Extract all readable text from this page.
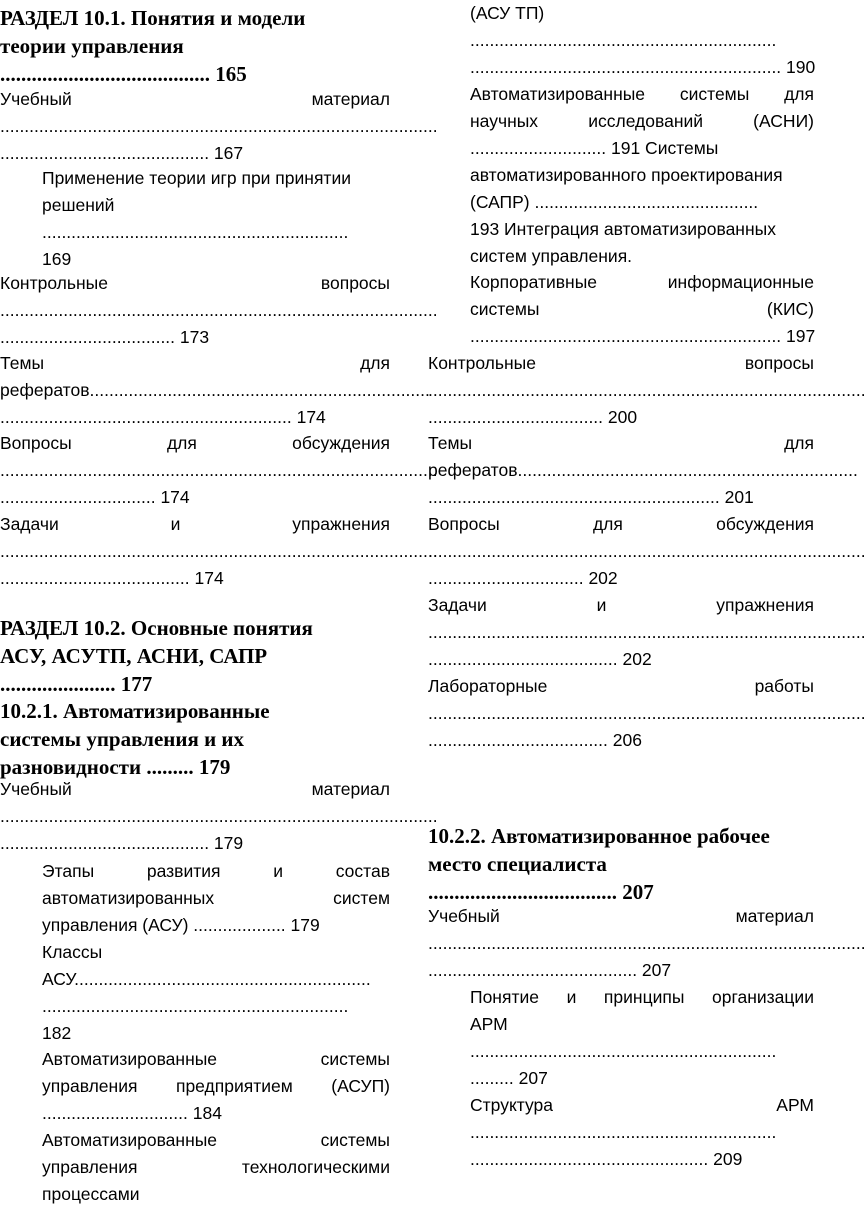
РАЗДЕЛ 10.1. Понятия и модели
теории управления
........................................ 165
Учебный	материал
..........................................................................................
........................................... 167
Применение теории игр при принятии
решений
...............................................................
169
Контрольные	вопросы
..........................................................................................
.................................... 173
Темы	для
рефератов......................................................................
............................................................ 174
Вопросы	для	обсуждения
..........................................................................................
................................ 174
Задачи	и	упражнения
..........................................................................................
....................................... 174
РАЗДЕЛ 10.2. Основные понятия
АСУ, АСУТП, АСНИ, САПР
...................... 177
10.2.1. Автоматизированные
системы управления и их
разновидности ......... 179
Учебный	материал
..........................................................................................
........................................... 179
Этапы	развития	и	состав
автоматизированных	систем
управления (АСУ) ................... 179
Классы
АСУ.............................................................
...............................................................
182
Автоматизированные	системы
управления предприятием (АСУП)
.............................. 184
Автоматизированные	системы
управления	технологическими
процессами
(АСУ ТП)
...............................................................
................................................................ 190
Автоматизированные системы для
научных	исследований	(АСНИ)
............................ 191 Системы
автоматизированного проектирования
(САПР) ..............................................
193 Интеграция автоматизированных
систем управления.
Корпоративные	информационные
системы	(КИС)
................................................................ 197
Контрольные	вопросы
..........................................................................................
.................................... 200
Темы	для
рефератов......................................................................
............................................................ 201
Вопросы	для	обсуждения
..........................................................................................
................................ 202
Задачи	и	упражнения
..........................................................................................
....................................... 202
Лабораторные	работы
..........................................................................................
..................................... 206
10.2.2. Автоматизированное рабочее
место специалиста
.................................... 207
Учебный	материал
..........................................................................................
........................................... 207
Понятие и принципы организации
АРМ
...............................................................
......... 207
Структура	АРМ
...............................................................
................................................. 209
